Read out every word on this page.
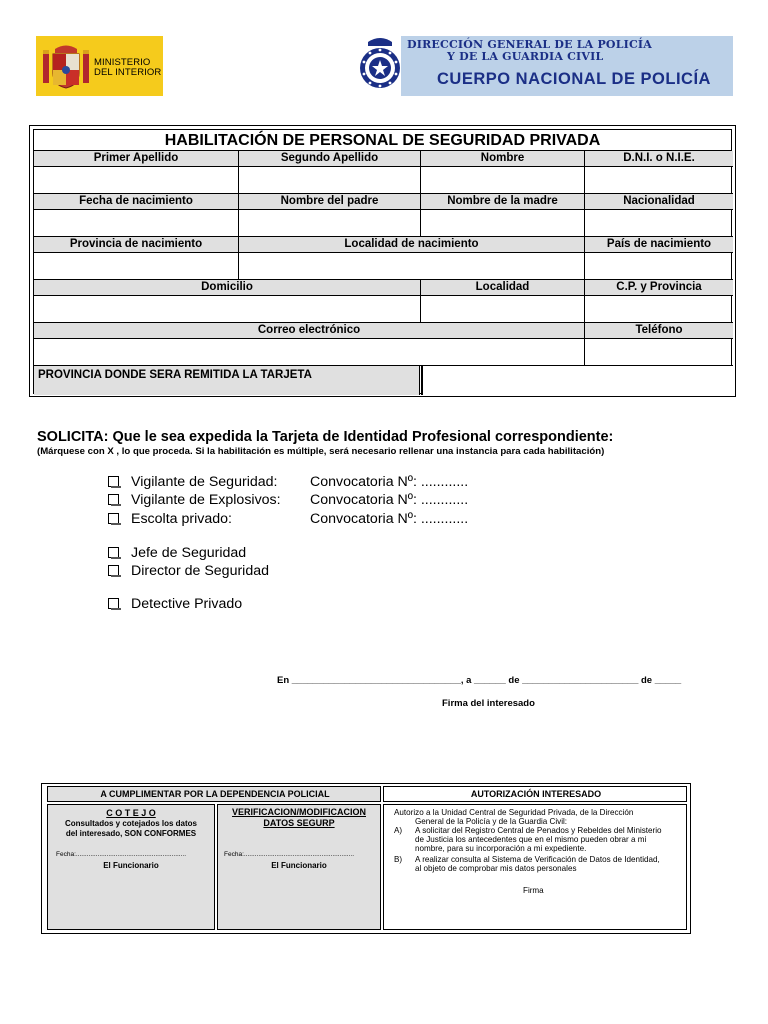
MINISTERIO
DEL INTERIOR
DIRECCIÓN GENERAL DE LA POLICÍA
Y DE LA GUARDIA CIVIL
CUERPO NACIONAL DE POLICÍA
HABILITACIÓN DE PERSONAL DE SEGURIDAD PRIVADA
Primer Apellido	Segundo Apellido	Nombre	D.N.I. o N.I.E.
Fecha de nacimiento	Nombre del padre	Nombre de la madre	Nacionalidad
Provincia de nacimiento	Localidad de nacimiento	País de nacimiento
Domicilio	Localidad	C.P. y Provincia
Correo electrónico	Teléfono
PROVINCIA DONDE SERA REMITIDA LA TARJETA
SOLICITA: Que le sea expedida la Tarjeta de Identidad Profesional correspondiente:
(Márquese con X , lo que proceda. Si la habilitación es múltiple, será necesario rellenar una instancia para cada habilitación)
Vigilante de Seguridad: Convocatoria Nº: ............
Vigilante de Explosivos: Convocatoria Nº: ............
Escolta privado:	Convocatoria Nº: ............
Jefe de Seguridad
Director de Seguridad
Detective Privado
En ________________________________, a ______ de ______________________ de _____
Firma del interesado
A CUMPLIMENTAR POR LA DEPENDENCIA POLICIAL	AUTORIZACIÓN INTERESADO
C O T E J O
Consultados y cotejados los datos
del interesado, SON CONFORMES
Fecha:.............................................................
El Funcionario
VERIFICACION/MODIFICACION
DATOS SEGURP
Fecha:.............................................................
El Funcionario
Autorizo a la Unidad Central de Seguridad Privada, de la Dirección
General de la Policía y de la Guardia Civil:
A) A solicitar del Registro Central de Penados y Rebeldes del Ministerio
de Justicia los antecedentes que en el mismo pueden obrar a mi
nombre, para su incorporación a mi expediente.
B) A realizar consulta al Sistema de Verificación de Datos de Identidad,
al objeto de comprobar mis datos personales
Firma
